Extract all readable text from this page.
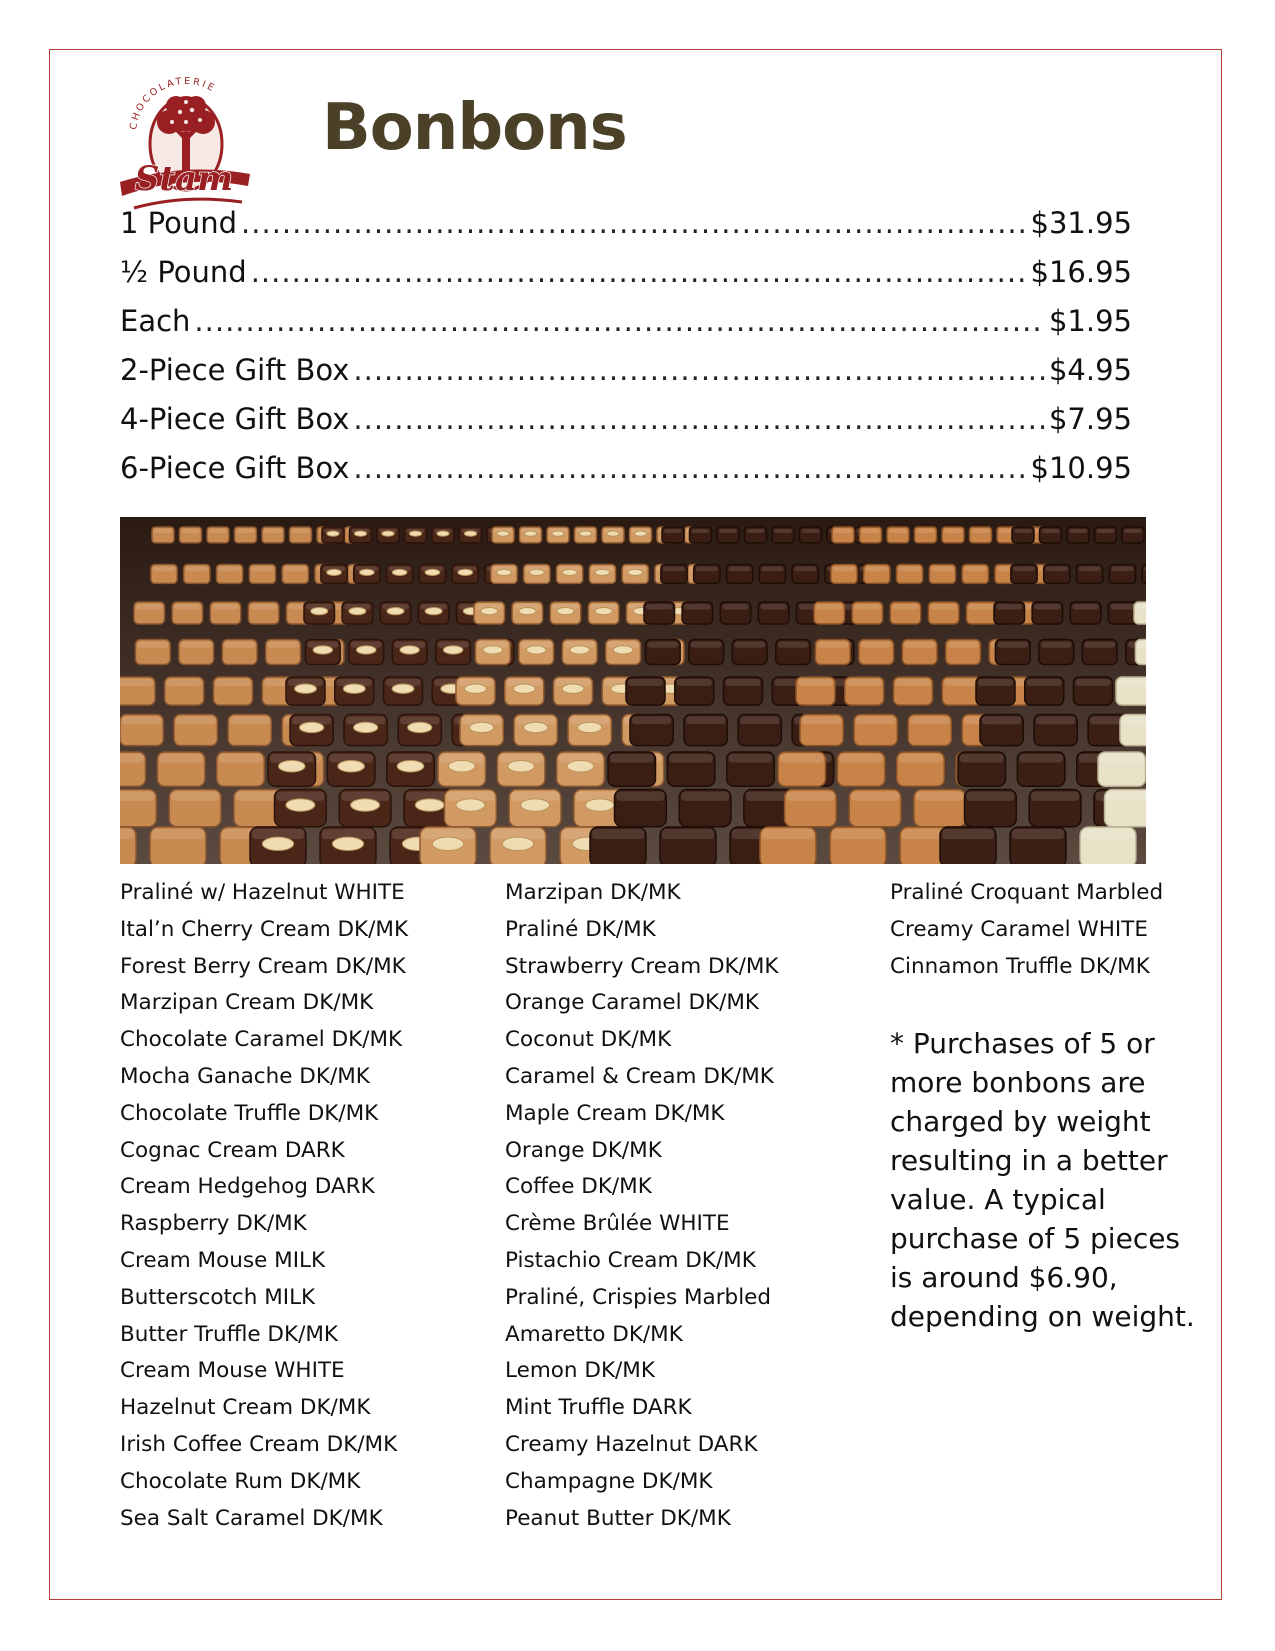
CHOCOLATERIE
Stam
Bonbons
1 Pound .....	$31.95
½ Pound .....	$16.95
Each .....	$1.95
2-Piece Gift Box .....	$4.95
4-Piece Gift Box .....	$7.95
6-Piece Gift Box .....	$10.95
Praliné w/ Hazelnut WHITE
Ital’n Cherry Cream DK/MK
Forest Berry Cream DK/MK
Marzipan Cream DK/MK
Chocolate Caramel DK/MK
Mocha Ganache DK/MK
Chocolate Truffle DK/MK
Cognac Cream DARK
Cream Hedgehog DARK
Raspberry DK/MK
Cream Mouse MILK
Butterscotch MILK
Butter Truffle DK/MK
Cream Mouse WHITE
Hazelnut Cream DK/MK
Irish Coffee Cream DK/MK
Chocolate Rum DK/MK
Sea Salt Caramel DK/MK
Marzipan DK/MK
Praliné DK/MK
Strawberry Cream DK/MK
Orange Caramel DK/MK
Coconut DK/MK
Caramel & Cream DK/MK
Maple Cream DK/MK
Orange DK/MK
Coffee DK/MK
Crème Brûlée WHITE
Pistachio Cream DK/MK
Praliné, Crispies Marbled
Amaretto DK/MK
Lemon DK/MK
Mint Truffle DARK
Creamy Hazelnut DARK
Champagne DK/MK
Peanut Butter DK/MK
Praliné Croquant Marbled
Creamy Caramel WHITE
Cinnamon Truffle DK/MK

* Purchases of 5 or more bonbons are charged by weight resulting in a better value. A typical purchase of 5 pieces is around $6.90, depending on weight.
